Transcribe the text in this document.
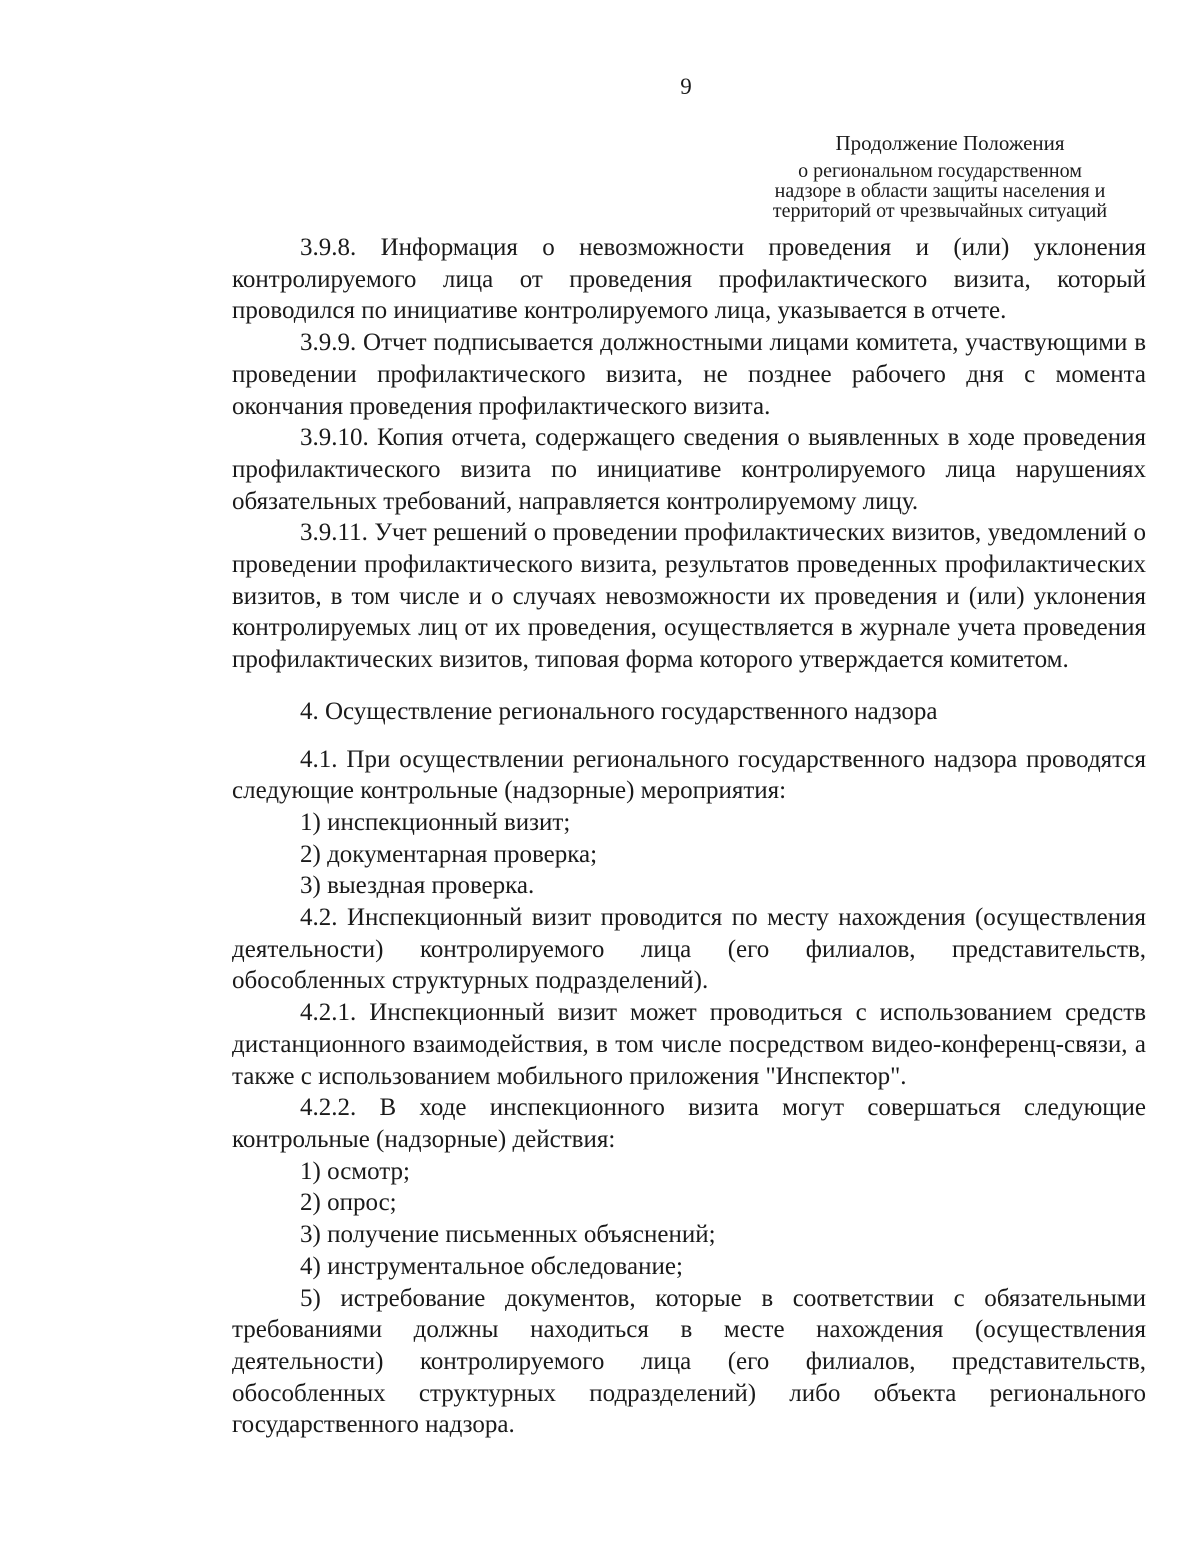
9
Продолжение Положения
о региональном государственном
надзоре в области защиты населения и
территорий от чрезвычайных ситуаций

3.9.8. Информация о невозможности проведения и (или) уклонения контролируемого лица от проведения профилактического визита, который проводился по инициативе контролируемого лица, указывается в отчете.

3.9.9. Отчет подписывается должностными лицами комитета, участвующими в проведении профилактического визита, не позднее рабочего дня с момента окончания проведения профилактического визита.

3.9.10. Копия отчета, содержащего сведения о выявленных в ходе проведения профилактического визита по инициативе контролируемого лица нарушениях обязательных требований, направляется контролируемому лицу.

3.9.11. Учет решений о проведении профилактических визитов, уведомлений о проведении профилактического визита, результатов проведенных профилактических визитов, в том числе и о случаях невозможности их проведения и (или) уклонения контролируемых лиц от их проведения, осуществляется в журнале учета проведения профилактических визитов, типовая форма которого утверждается комитетом.

4. Осуществление регионального государственного надзора

4.1. При осуществлении регионального государственного надзора проводятся следующие контрольные (надзорные) мероприятия:

1) инспекционный визит;

2) документарная проверка;

3) выездная проверка.

4.2. Инспекционный визит проводится по месту нахождения (осуществления деятельности) контролируемого лица (его филиалов, представительств, обособленных структурных подразделений).

4.2.1. Инспекционный визит может проводиться с использованием средств дистанционного взаимодействия, в том числе посредством видео-конференц-связи, а также с использованием мобильного приложения "Инспектор".

4.2.2. В ходе инспекционного визита могут совершаться следующие контрольные (надзорные) действия:

1) осмотр;

2) опрос;

3) получение письменных объяснений;

4) инструментальное обследование;

5) истребование документов, которые в соответствии с обязательными требованиями должны находиться в месте нахождения (осуществления деятельности) контролируемого лица (его филиалов, представительств, обособленных структурных подразделений) либо объекта регионального государственного надзора.
